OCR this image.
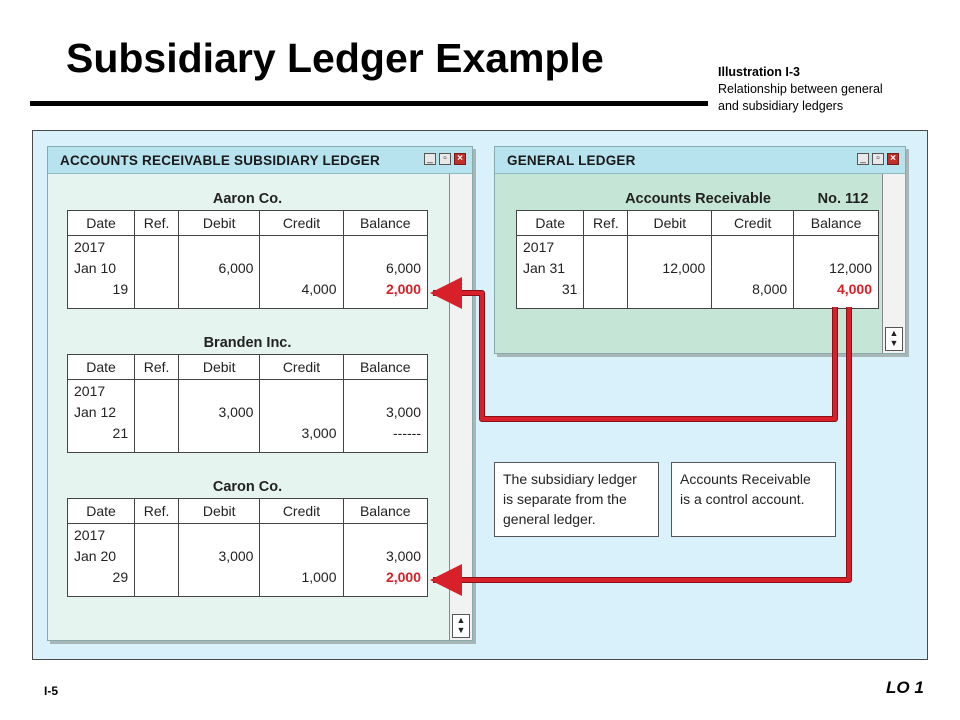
Subsidiary Ledger Example	Illustration I-3
Relationship between general
and subsidiary ledgers
ACCOUNTS RECEIVABLE SUBSIDIARY LEDGER	_	▫	×
▲
▼
GENERAL LEDGER	_	▫	×
▲
▼
Aaron Co.
Branden Inc.
Caron Co.
Date	Ref.	Debit	Credit	Balance
2017				
Jan 10		6,000		6,000
19			4,000	2,000

Date	Ref.	Debit	Credit	Balance
2017				
Jan 12		3,000		3,000
21			3,000	------

Date	Ref.	Debit	Credit	Balance
2017				
Jan 20		3,000		3,000
29			1,000	2,000

Accounts Receivable	No. 112
Date	Ref.	Debit	Credit	Balance
2017				
Jan 31		12,000		12,000
31			8,000	4,000

The subsidiary ledger
is separate from the
general ledger.
Accounts Receivable
is a control account.
I-5	LO 1
